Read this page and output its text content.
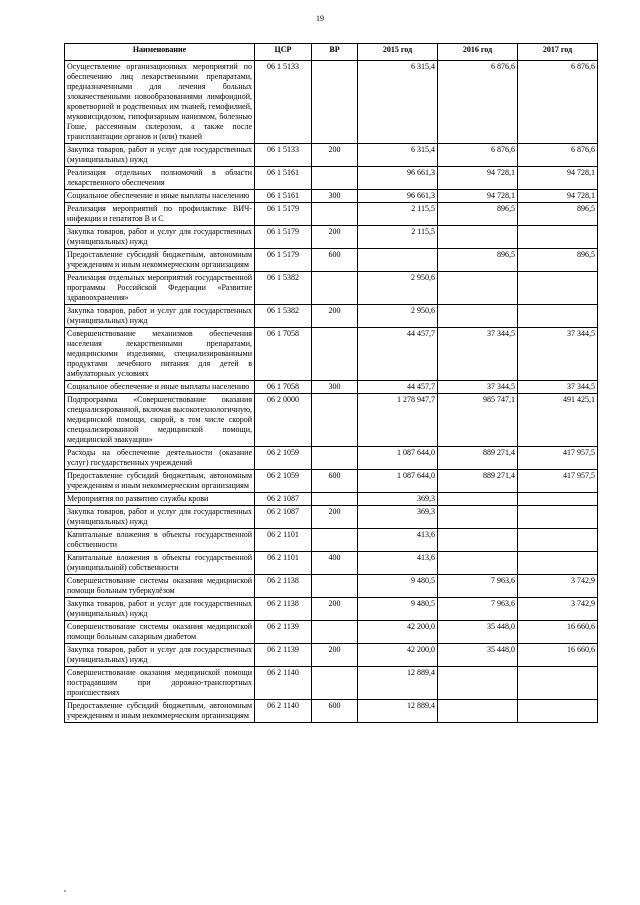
19
Наименование	ЦСР	ВР	2015 год	2016 год	2017 год
Осуществление организационных мероприятий по обеспечению лиц лекарственными препаратами, предназначенными для лечения больных злокачественными новообразованиями лимфоидной, кроветворной и родственных им тканей, гемофилией, муковисцидозом, гипофизарным нанизмом, болезнью Гоше, рассеянным склерозом, а также после трансплантации органов и (или) тканей	06 1 5133		6 315,4	6 876,6	6 876,6
Закупка товаров, работ и услуг для государственных (муниципальных) нужд	06 1 5133	200	6 315,4	6 876,6	6 876,6
Реализация отдельных полномочий в области лекарственного обеспечения	06 1 5161		96 661,3	94 728,1	94 728,1
Социальное обеспечение и иные выплаты населению	06 1 5161	300	96 661,3	94 728,1	94 728,1
Реализация мероприятий по профилактике ВИЧ-инфекции и гепатитов В и С	06 1 5179		2 115,5	896,5	896,5
Закупка товаров, работ и услуг для государственных (муниципальных) нужд	06 1 5179	200	2 115,5		
Предоставление субсидий бюджетным, автономным учреждениям и иным некоммерческим организациям	06 1 5179	600		896,5	896,5
Реализация отдельных мероприятий государственной программы Российской Федерации «Развитие здравоохранения»	06 1 5382		2 950,6		
Закупка товаров, работ и услуг для государственных (муниципальных) нужд	06 1 5382	200	2 950,6		
Совершенствование механизмов обеспечения населения лекарственными препаратами, медицинскими изделиями, специализированными продуктами лечебного питания для детей в амбулаторных условиях	06 1 7058		44 457,7	37 344,5	37 344,5
Социальное обеспечение и иные выплаты населению	06 1 7058	300	44 457,7	37 344,5	37 344,5
Подпрограмма «Совершенствование оказания специализированной, включая высокотехнологичную, медицинской помощи, скорой, в том числе скорой специализированной медицинской помощи, медицинской эвакуации»	06 2 0000		1 278 947,7	985 747,1	491 425,1
Расходы на обеспечение деятельности (оказание услуг) государственных учреждений	06 2 1059		1 087 644,0	889 271,4	417 957,5
Предоставление субсидий бюджетным, автономным учреждениям и иным некоммерческим организациям	06 2 1059	600	1 087 644,0	889 271,4	417 957,5
Мероприятия по развитию службы крови	06 2 1087		369,3		
Закупка товаров, работ и услуг для государственных (муниципальных) нужд	06 2 1087	200	369,3		
Капитальные вложения в объекты государственной собственности	06 2 1101		413,6		
Капитальные вложения в объекты государственной (муниципальной) собственности	06 2 1101	400	413,6		
Совершенствование системы оказания медицинской помощи больным туберкулёзом	06 2 1138		9 480,5	7 963,6	3 742,9
Закупка товаров, работ и услуг для государственных (муниципальных) нужд	06 2 1138	200	9 480,5	7 963,6	3 742,9
Совершенствование системы оказания медицинской помощи больным сахарным диабетом	06 2 1139		42 200,0	35 448,0	16 660,6
Закупка товаров, работ и услуг для государственных (муниципальных) нужд	06 2 1139	200	42 200,0	35 448,0	16 660,6
Совершенствование оказания медицинской помощи пострадавшим при дорожно-транспортных происшествиях	06 2 1140		12 889,4		
Предоставление субсидий бюджетным, автономным учреждениям и иным некоммерческим организациям	06 2 1140	600	12 889,4		
